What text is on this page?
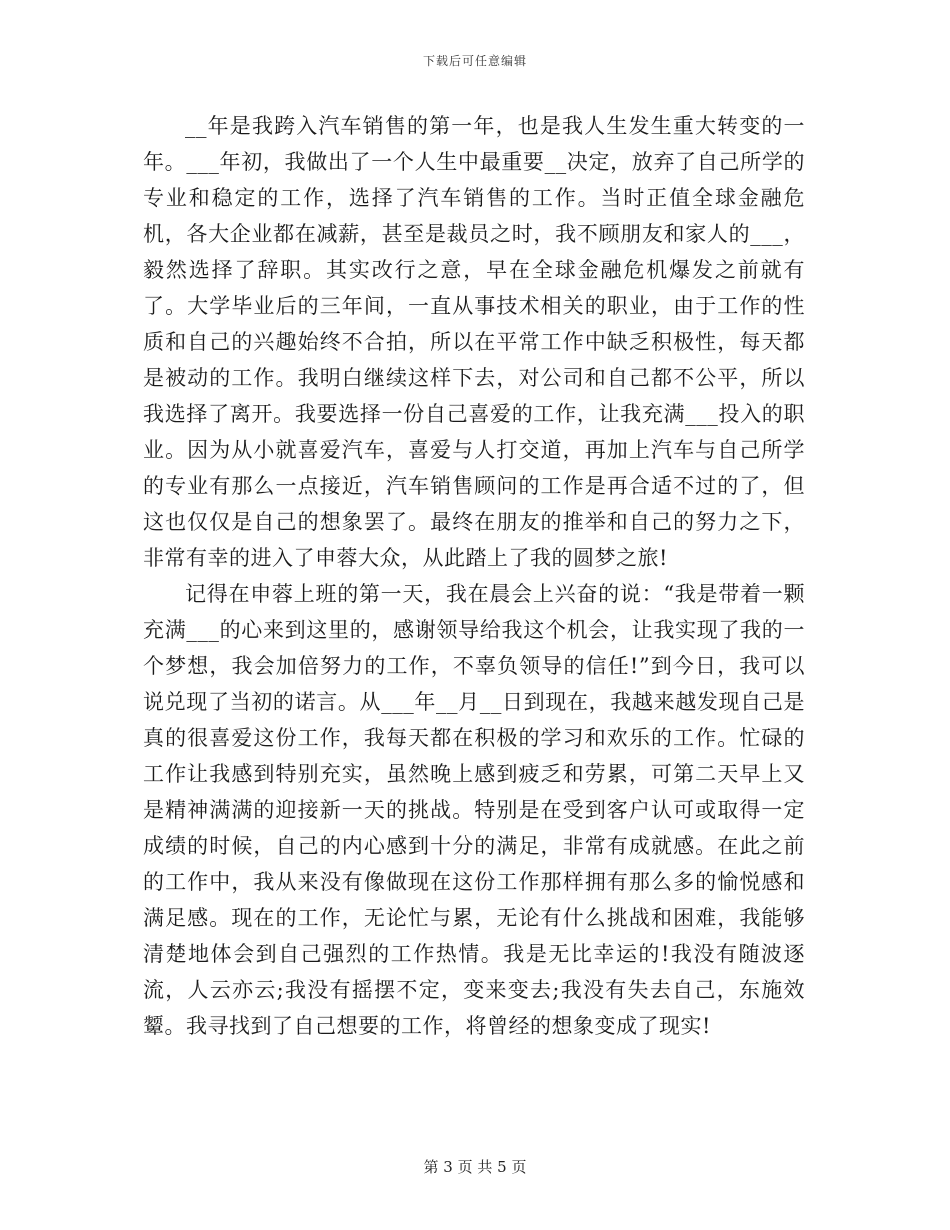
下载后可任意编辑

__年是我跨入汽车销售的第一年，也是我人生发生重大转变的一年。___年初，我做出了一个人生中最重要__决定，放弃了自己所学的专业和稳定的工作，选择了汽车销售的工作。当时正值全球金融危机，各大企业都在减薪，甚至是裁员之时，我不顾朋友和家人的___，毅然选择了辞职。其实改行之意，早在全球金融危机爆发之前就有了。大学毕业后的三年间，一直从事技术相关的职业，由于工作的性质和自己的兴趣始终不合拍，所以在平常工作中缺乏积极性，每天都是被动的工作。我明白继续这样下去，对公司和自己都不公平，所以我选择了离开。我要选择一份自己喜爱的工作，让我充满___投入的职业。因为从小就喜爱汽车，喜爱与人打交道，再加上汽车与自己所学的专业有那么一点接近，汽车销售顾问的工作是再合适不过的了，但这也仅仅是自己的想象罢了。最终在朋友的推举和自己的努力之下，非常有幸的进入了申蓉大众，从此踏上了我的圆梦之旅!

记得在申蓉上班的第一天，我在晨会上兴奋的说：“我是带着一颗充满___的心来到这里的，感谢领导给我这个机会，让我实现了我的一个梦想，我会加倍努力的工作，不辜负领导的信任!”到今日，我可以说兑现了当初的诺言。从___年__月__日到现在，我越来越发现自己是真的很喜爱这份工作，我每天都在积极的学习和欢乐的工作。忙碌的工作让我感到特别充实，虽然晚上感到疲乏和劳累，可第二天早上又是精神满满的迎接新一天的挑战。特别是在受到客户认可或取得一定成绩的时候，自己的内心感到十分的满足，非常有成就感。在此之前的工作中，我从来没有像做现在这份工作那样拥有那么多的愉悦感和满足感。现在的工作，无论忙与累，无论有什么挑战和困难，我能够清楚地体会到自己强烈的工作热情。我是无比幸运的!我没有随波逐流，人云亦云;我没有摇摆不定，变来变去;我没有失去自己，东施效颦。我寻找到了自己想要的工作，将曾经的想象变成了现实!

第 3 页 共 5 页
